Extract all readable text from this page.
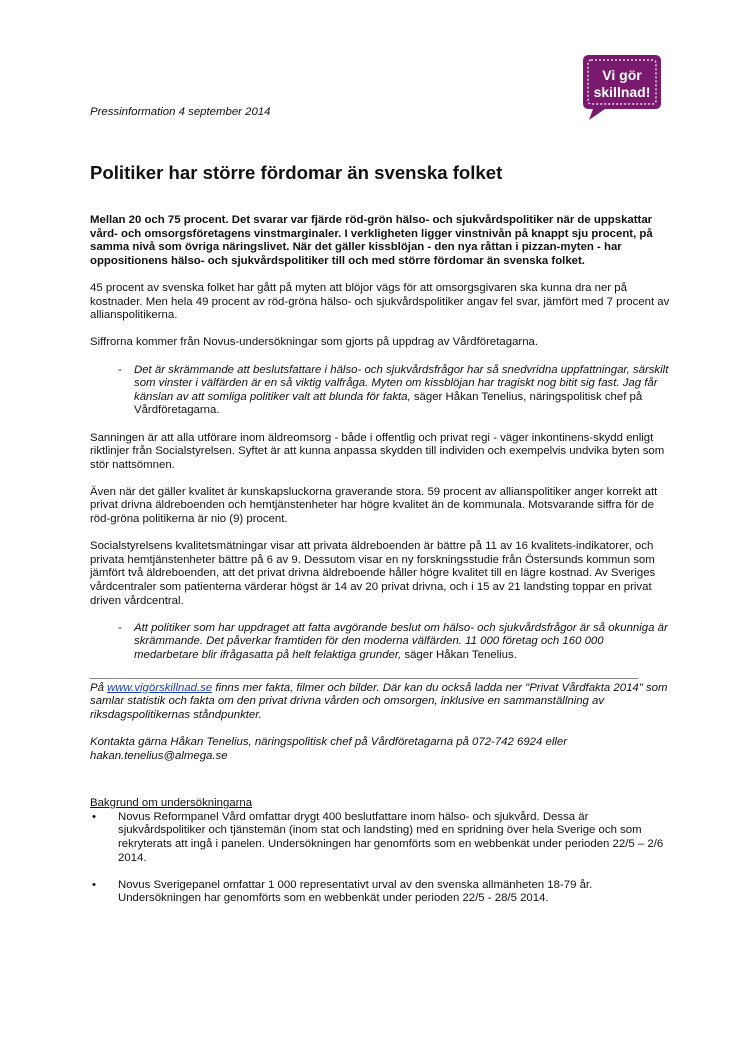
Vi gör
skillnad!
Pressinformation 4 september 2014
Politiker har större fördomar än svenska folket

Mellan 20 och 75 procent. Det svarar var fjärde röd-grön hälso- och sjukvårdspolitiker när de uppskattar vård- och omsorgsföretagens vinstmarginaler. I verkligheten ligger vinstnivån på knappt sju procent, på samma nivå som övriga näringslivet. När det gäller kissblöjan - den nya råttan i pizzan-myten - har oppositionens hälso- och sjukvårdspolitiker till och med större fördomar än svenska folket.

45 procent av svenska folket har gått på myten att blöjor vägs för att omsorgsgivaren ska kunna dra ner på kostnader. Men hela 49 procent av röd-gröna hälso- och sjukvårdspolitiker angav fel svar, jämfört med 7 procent av allianspolitikerna.

Siffrorna kommer från Novus-undersökningar som gjorts på uppdrag av Vårdföretagarna.

-	Det är skrämmande att beslutsfattare i hälso- och sjukvårdsfrågor har så snedvridna uppfattningar, särskilt som vinster i välfärden är en så viktig valfråga. Myten om kissblöjan har tragiskt nog bitit sig fast. Jag får känslan av att somliga politiker valt att blunda för fakta, säger Håkan Tenelius, näringspolitisk chef på Vårdföretagarna.

Sanningen är att alla utförare inom äldreomsorg - både i offentlig och privat regi - väger inkontinens-skydd enligt riktlinjer från Socialstyrelsen. Syftet är att kunna anpassa skydden till individen och exempelvis undvika byten som stör nattsömnen.

Även när det gäller kvalitet är kunskapsluckorna graverande stora. 59 procent av allianspolitiker anger korrekt att privat drivna äldreboenden och hemtjänstenheter har högre kvalitet än de kommunala. Motsvarande siffra för de röd-gröna politikerna är nio (9) procent.

Socialstyrelsens kvalitetsmätningar visar att privata äldreboenden är bättre på 11 av 16 kvalitets-indikatorer, och privata hemtjänstenheter bättre på 6 av 9. Dessutom visar en ny forskningsstudie från Östersunds kommun som jämfört två äldreboenden, att det privat drivna äldreboende håller högre kvalitet till en lägre kostnad. Av Sveriges vårdcentraler som patienterna värderar högst är 14 av 20 privat drivna, och i 15 av 21 landsting toppar en privat driven vårdcentral.

-	Att politiker som har uppdraget att fatta avgörande beslut om hälso- och sjukvårdsfrågor är så okunniga är skrämmande. Det påverkar framtiden för den moderna välfärden. 11 000 företag och 160 000 medarbetare blir ifrågasatta på helt felaktiga grunder, säger Håkan Tenelius.

På www.vigörskillnad.se finns mer fakta, filmer och bilder. Där kan du också ladda ner "Privat Vårdfakta 2014" som samlar statistik och fakta om den privat drivna vården och omsorgen, inklusive en sammanställning av riksdagspolitikernas ståndpunkter.

Kontakta gärna Håkan Tenelius, näringspolitisk chef på Vårdföretagarna på 072-742 6924 eller hakan.tenelius@almega.se

Bakgrund om undersökningarna
•	Novus Reformpanel Vård omfattar drygt 400 beslutfattare inom hälso- och sjukvård. Dessa är sjukvårdspolitiker och tjänstemän (inom stat och landsting) med en spridning över hela Sverige och som rekryterats att ingå i panelen. Undersökningen har genomförts som en webbenkät under perioden 22/5 – 2/6 2014.
•	Novus Sverigepanel omfattar 1 000 representativt urval av den svenska allmänheten 18-79 år. Undersökningen har genomförts som en webbenkät under perioden 22/5 - 28/5 2014.
